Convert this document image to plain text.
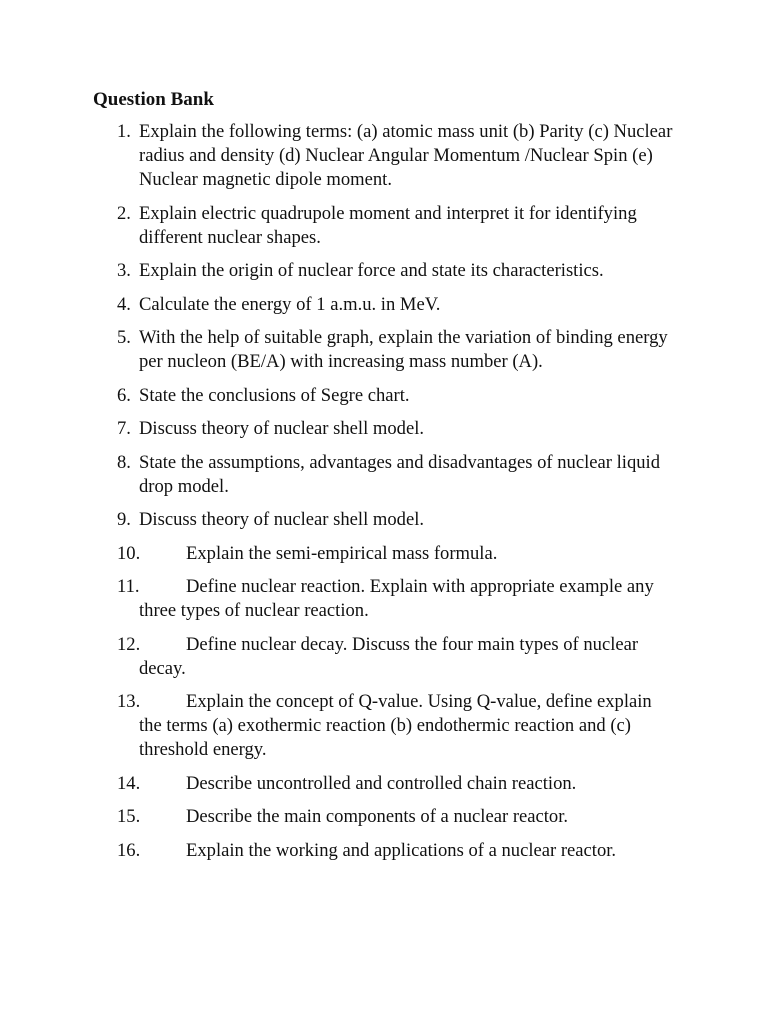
Question Bank
1. Explain the following terms: (a) atomic mass unit (b) Parity (c) Nuclear radius and density (d) Nuclear Angular Momentum /Nuclear Spin (e) Nuclear magnetic dipole moment.
2. Explain electric quadrupole moment and interpret it for identifying different nuclear shapes.
3. Explain the origin of nuclear force and state its characteristics.
4. Calculate the energy of 1 a.m.u. in MeV.
5. With the help of suitable graph, explain the variation of binding energy per nucleon (BE/A) with increasing mass number (A).
6. State the conclusions of Segre chart.
7. Discuss theory of nuclear shell model.
8. State the assumptions, advantages and disadvantages of nuclear liquid drop model.
9. Discuss theory of nuclear shell model.
10. Explain the semi-empirical mass formula.
11. Define nuclear reaction. Explain with appropriate example any three types of nuclear reaction.
12. Define nuclear decay. Discuss the four main types of nuclear decay.
13. Explain the concept of Q-value. Using Q-value, define explain the terms (a) exothermic reaction (b) endothermic reaction and (c) threshold energy.
14. Describe uncontrolled and controlled chain reaction.
15. Describe the main components of a nuclear reactor.
16. Explain the working and applications of a nuclear reactor.
